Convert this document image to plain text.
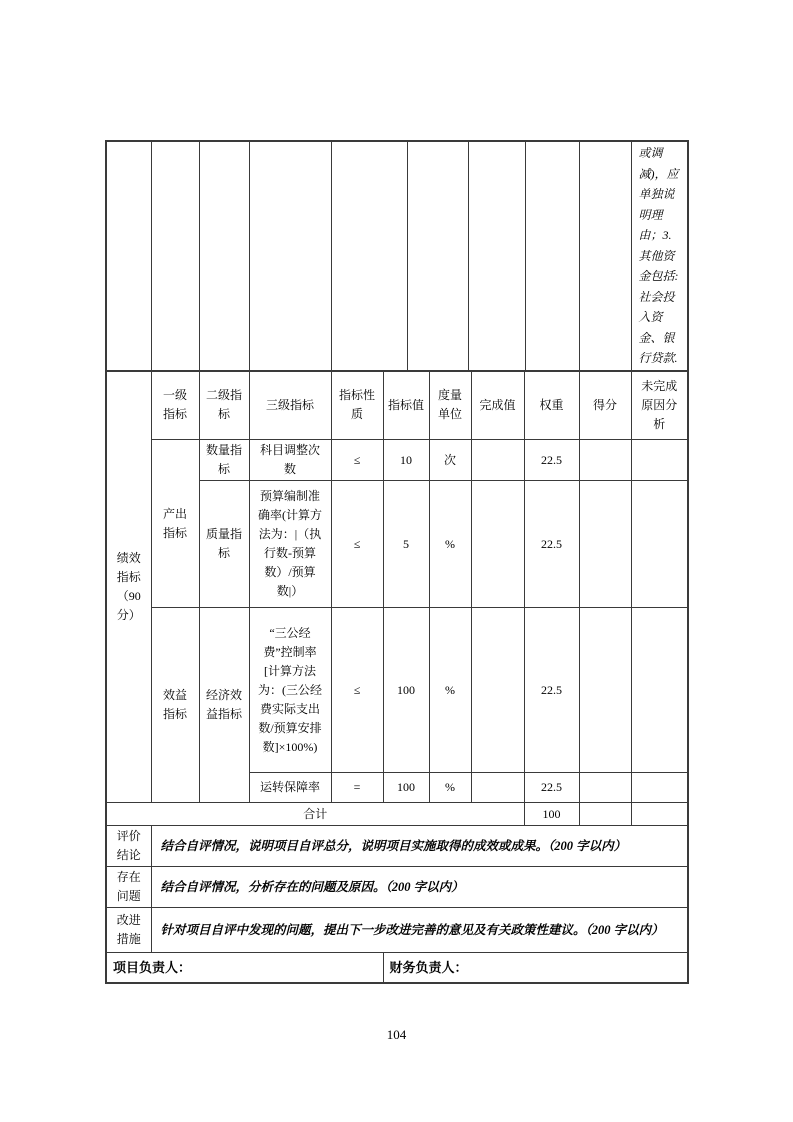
									或调减)，应单独说明理由；3.其他资金包括:社会投入资金、银行贷款.
绩效指标（90分）	一级指标	二级指标	三级指标	指标性质	指标值	度量单位	完成值	权重	得分	未完成原因分析
	产出指标	数量指标	科目调整次数	≤	10	次		22.5		
		质量指标	预算编制准确率(计算方法为：|（执行数-预算数）/预算数|）	≤	5	%		22.5		
	效益指标	经济效益指标	“三公经费”控制率[计算方法为：(三公经费实际支出数/预算安排数]×100%)	≤	100	%		22.5		
			运转保障率	=	100	%		22.5		
合计								100		
评价结论	结合自评情况，说明项目自评总分，说明项目实施取得的成效或成果。（200 字以内）									
存在问题	结合自评情况，分析存在的问题及原因。（200 字以内）									
改进措施	针对项目自评中发现的问题，提出下一步改进完善的意见及有关政策性建议。（200 字以内）									
项目负责人：					财务负责人：					
104
